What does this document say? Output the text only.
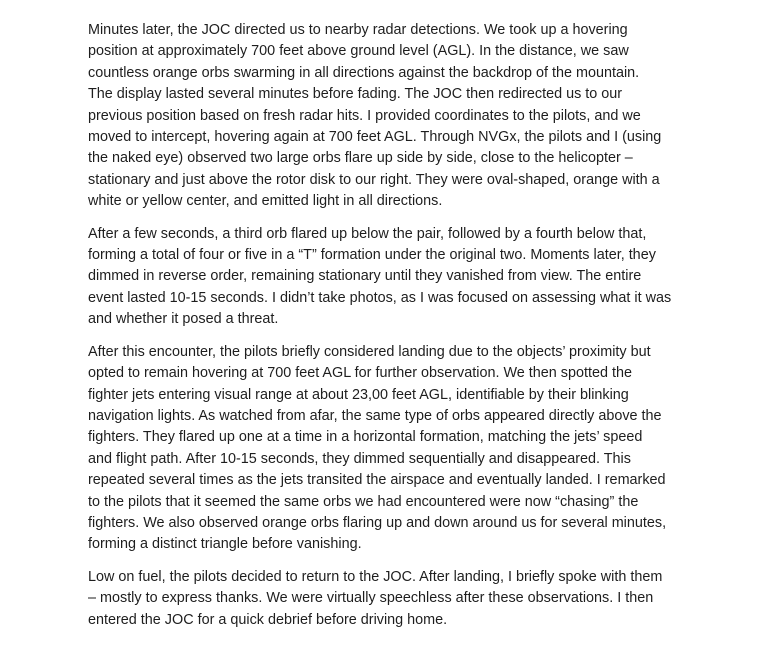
Minutes later, the JOC directed us to nearby radar detections. We took up a hovering
position at approximately 700 feet above ground level (AGL). In the distance, we saw
countless orange orbs swarming in all directions against the backdrop of the mountain.
The display lasted several minutes before fading. The JOC then redirected us to our
previous position based on fresh radar hits. I provided coordinates to the pilots, and we
moved to intercept, hovering again at 700 feet AGL. Through NVGx, the pilots and I (using
the naked eye) observed two large orbs flare up side by side, close to the helicopter –
stationary and just above the rotor disk to our right. They were oval-shaped, orange with a
white or yellow center, and emitted light in all directions.

After a few seconds, a third orb flared up below the pair, followed by a fourth below that,
forming a total of four or five in a “T” formation under the original two. Moments later, they
dimmed in reverse order, remaining stationary until they vanished from view. The entire
event lasted 10-15 seconds. I didn’t take photos, as I was focused on assessing what it was
and whether it posed a threat.

After this encounter, the pilots briefly considered landing due to the objects’ proximity but
opted to remain hovering at 700 feet AGL for further observation. We then spotted the
fighter jets entering visual range at about 23,00 feet AGL, identifiable by their blinking
navigation lights. As watched from afar, the same type of orbs appeared directly above the
fighters. They flared up one at a time in a horizontal formation, matching the jets’ speed
and flight path. After 10-15 seconds, they dimmed sequentially and disappeared. This
repeated several times as the jets transited the airspace and eventually landed. I remarked
to the pilots that it seemed the same orbs we had encountered were now “chasing” the
fighters. We also observed orange orbs flaring up and down around us for several minutes,
forming a distinct triangle before vanishing.

Low on fuel, the pilots decided to return to the JOC. After landing, I briefly spoke with them
– mostly to express thanks. We were virtually speechless after these observations. I then
entered the JOC for a quick debrief before driving home.
